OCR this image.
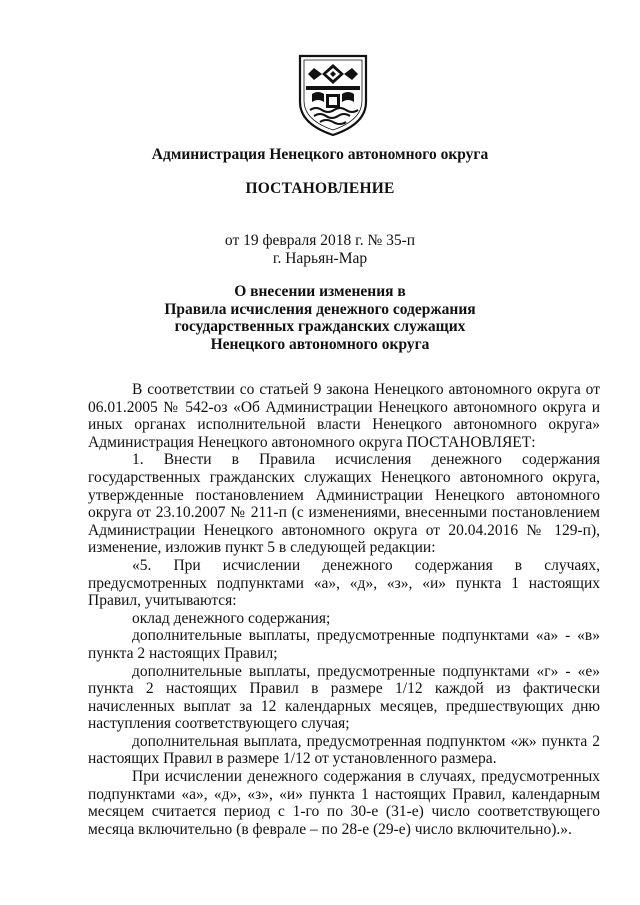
Администрация Ненецкого автономного округа
ПОСТАНОВЛЕНИЕ
от 19 февраля 2018 г. № 35-п
г. Нарьян-Мар
О внесении изменения в
Правила исчисления денежного содержания
государственных гражданских служащих
Ненецкого автономного округа

В соответствии со статьей 9 закона Ненецкого автономного округа от 06.01.2005 № 542-оз «Об Администрации Ненецкого автономного округа и иных органах исполнительной власти Ненецкого автономного округа» Администрация Ненецкого автономного округа ПОСТАНОВЛЯЕТ:

1. Внести в Правила исчисления денежного содержания государственных гражданских служащих Ненецкого автономного округа, утвержденные постановлением Администрации Ненецкого автономного округа от 23.10.2007 № 211-п (с изменениями, внесенными постановлением Администрации Ненецкого автономного округа от 20.04.2016 № 129-п), изменение, изложив пункт 5 в следующей редакции:

«5. При исчислении денежного содержания в случаях, предусмотренных подпунктами «а», «д», «з», «и» пункта 1 настоящих Правил, учитываются:

оклад денежного содержания;

дополнительные выплаты, предусмотренные подпунктами «а» - «в» пункта 2 настоящих Правил;

дополнительные выплаты, предусмотренные подпунктами «г» - «е» пункта 2 настоящих Правил в размере 1/12 каждой из фактически начисленных выплат за 12 календарных месяцев, предшествующих дню наступления соответствующего случая;

дополнительная выплата, предусмотренная подпунктом «ж» пункта 2 настоящих Правил в размере 1/12 от установленного размера.

При исчислении денежного содержания в случаях, предусмотренных подпунктами «а», «д», «з», «и» пункта 1 настоящих Правил, календарным месяцем считается период с 1-го по 30-е (31-е) число соответствующего месяца включительно (в феврале – по 28-е (29-е) число включительно).».
